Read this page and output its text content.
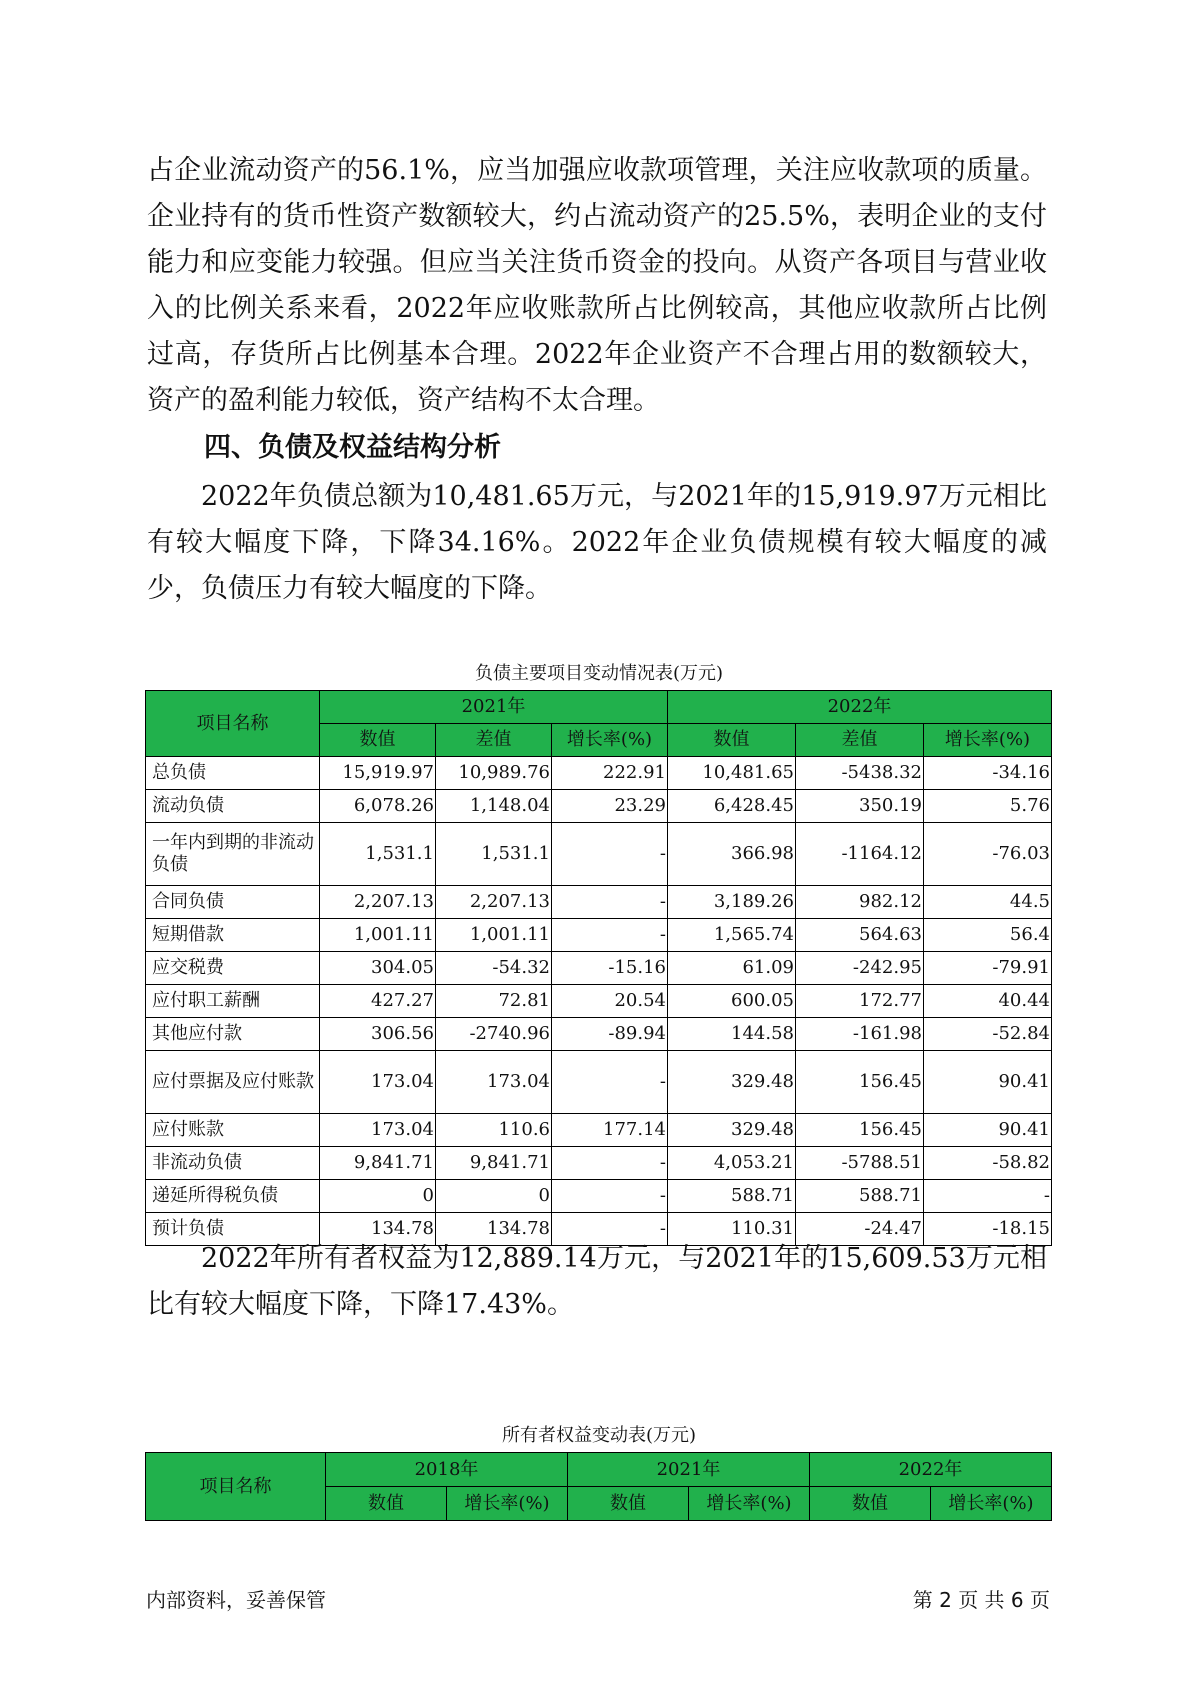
占企业流动资产的56.1%，应当加强应收款项管理，关注应收款项的质量。企业持有的货币性资产数额较大，约占流动资产的25.5%，表明企业的支付能力和应变能力较强。但应当关注货币资金的投向。从资产各项目与营业收入的比例关系来看，2022年应收账款所占比例较高，其他应收款所占比例过高，存货所占比例基本合理。2022年企业资产不合理占用的数额较大，资产的盈利能力较低，资产结构不太合理。

四、负债及权益结构分析

2022年负债总额为10,481.65万元，与2021年的15,919.97万元相比有较大幅度下降，下降34.16%。2022年企业负债规模有较大幅度的减少，负债压力有较大幅度的下降。

负债主要项目变动情况表(万元)

项目名称	2021年			2022年		
	数值	差值	增长率(%)	数值	差值	增长率(%)
总负债	15,919.97	10,989.76	222.91	10,481.65	-5438.32	-34.16
流动负债	6,078.26	1,148.04	23.29	6,428.45	350.19	5.76
一年内到期的非流动负债	1,531.1	1,531.1	-	366.98	-1164.12	-76.03
合同负债	2,207.13	2,207.13	-	3,189.26	982.12	44.5
短期借款	1,001.11	1,001.11	-	1,565.74	564.63	56.4
应交税费	304.05	-54.32	-15.16	61.09	-242.95	-79.91
应付职工薪酬	427.27	72.81	20.54	600.05	172.77	40.44
其他应付款	306.56	-2740.96	-89.94	144.58	-161.98	-52.84
应付票据及应付账款	173.04	173.04	-	329.48	156.45	90.41
应付账款	173.04	110.6	177.14	329.48	156.45	90.41
非流动负债	9,841.71	9,841.71	-	4,053.21	-5788.51	-58.82
递延所得税负债	0	0	-	588.71	588.71	-
预计负债	134.78	134.78	-	110.31	-24.47	-18.15

2022年所有者权益为12,889.14万元，与2021年的15,609.53万元相比有较大幅度下降，下降17.43%。

所有者权益变动表(万元)

项目名称	2018年		2021年		2022年	
	数值	增长率(%)	数值	增长率(%)	数值	增长率(%)

内部资料，妥善保管	第 2 页 共 6 页
